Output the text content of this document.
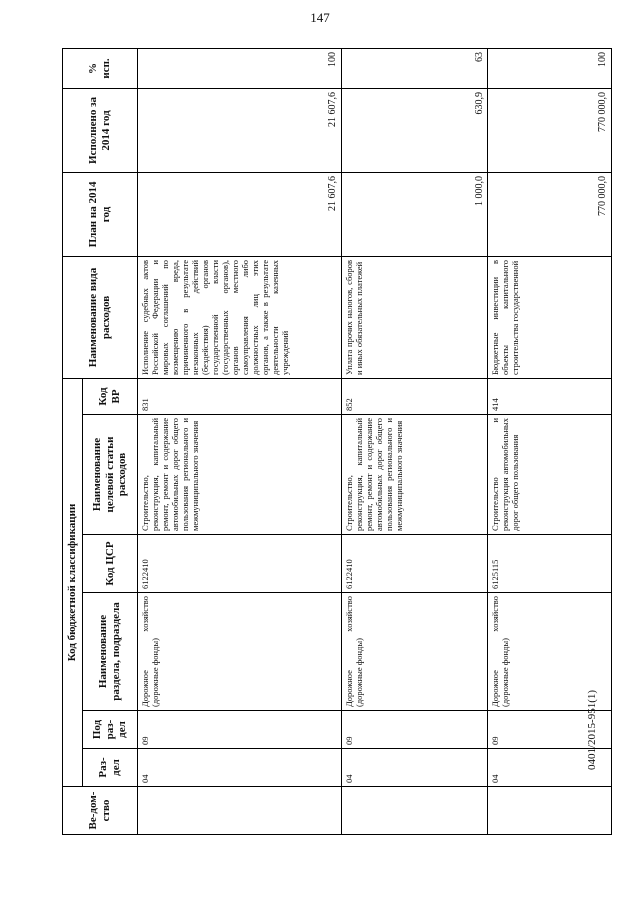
147
Ве-дом-ство	Код бюджетной классификации						Наименование вида расходов	План на 2014 год	Исполнено за 2014 год	% исп.
	Раз-дел	Под раз-дел	Наименование раздела, подраздела	Код ЦСР	Наименование целевой статьи расходов	Код ВР				
	04	09	Дорожное хозяйство (дорожные фонды)	6122410	Строительство, реконструкция, капитальный ремонт, ремонт и содержание автомобильных дорог общего пользования регионального и межмуниципального значения	831	Исполнение судебных актов Российской Федерации и мировых соглашений по возмещению вреда, причиненного в результате незаконных действий (бездействия) органов государственной власти (государственных органов), органов местного самоуправления либо должностных лиц этих органов, а также в результате деятельности казенных учреждений	21 607,6	21 607,6	100
	04	09	Дорожное хозяйство (дорожные фонды)	6122410	Строительство, реконструкция, капитальный ремонт, ремонт и содержание автомобильных дорог общего пользования регионального и межмуниципального значения	852	Уплата прочих налогов, сборов и иных обязательных платежей	1 000,0	630,9	63
	04	09	Дорожное хозяйство (дорожные фонды)	6125115	Строительство и реконструкция автомобильных дорог общего пользования	414	Бюджетные инвестиции в объекты капитального строительства государственной	770 000,0	770 000,0	100
0401/2015-951(1)
